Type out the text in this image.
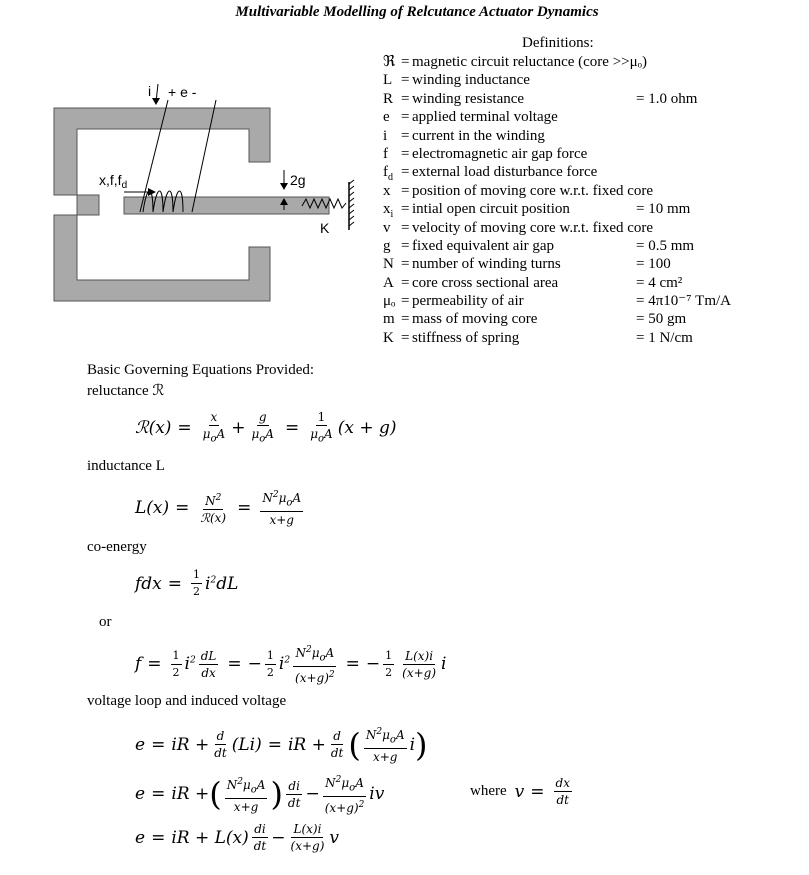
Multivariable Modelling of Relcutance Actuator Dynamics
i + e -
$x,f,f_d$	2g
K
Definitions:
ℜ = magnetic circuit reluctance (core >>μₒ)
L = winding inductance
R = winding resistance	= 1.0 ohm
e = applied terminal voltage
i = current in the winding
f = electromagnetic air gap force
$f_d$ = external load disturbance force
x = position of moving core w.r.t. fixed core
$x_i$ = intial open circuit position	= 10 mm
v = velocity of moving core w.r.t. fixed core
g = fixed equivalent air gap	= 0.5 mm
N = number of winding turns	= 100
A = core cross sectional area	= 4 cm²
μₒ = permeability of air	= 4π10⁻⁷ Tm/A
m = mass of moving core	= 50 gm
K = stiffness of spring	= 1 N/cm
Basic Governing Equations Provided:
reluctance ℛ
ℛ(x) = $\frac{x}{\mu_oA} + \frac{g}{\mu_oA} = \frac{1}{\mu_oA} (x + g)$
inductance L
$L(x) = \frac{N^2}{\text{ℛ(x)}} = \frac{N^2\mu_oA}{x+g}$
co-energy
fdx = $\frac{1}{2} i^2dL$
or
$f = \frac{1}{2} i^2 \frac{dL}{dx}$ = − $\frac{1}{2} i^2 \frac{N^2\mu_oA}{(x+g)^2}$ = − $\frac{1}{2} \frac{L(x)i}{(x+g)}$ i
voltage loop and induced voltage
e = iR + $\frac{d}{dt} (Li)$ = iR + $\frac{d}{dt}$ ( $\frac{N^2\mu_oA}{x+g}$ i )
e = iR + ( $\frac{N^2\mu_oA}{x+g}$ ) $\frac{di}{dt} - \frac{N^2\mu_oA}{(x+g)^2}$ iv	where $v = \frac{dx}{dt}$
e = iR + $L(x) \frac{di}{dt} - \frac{L(x)i}{(x+g)}$ v
